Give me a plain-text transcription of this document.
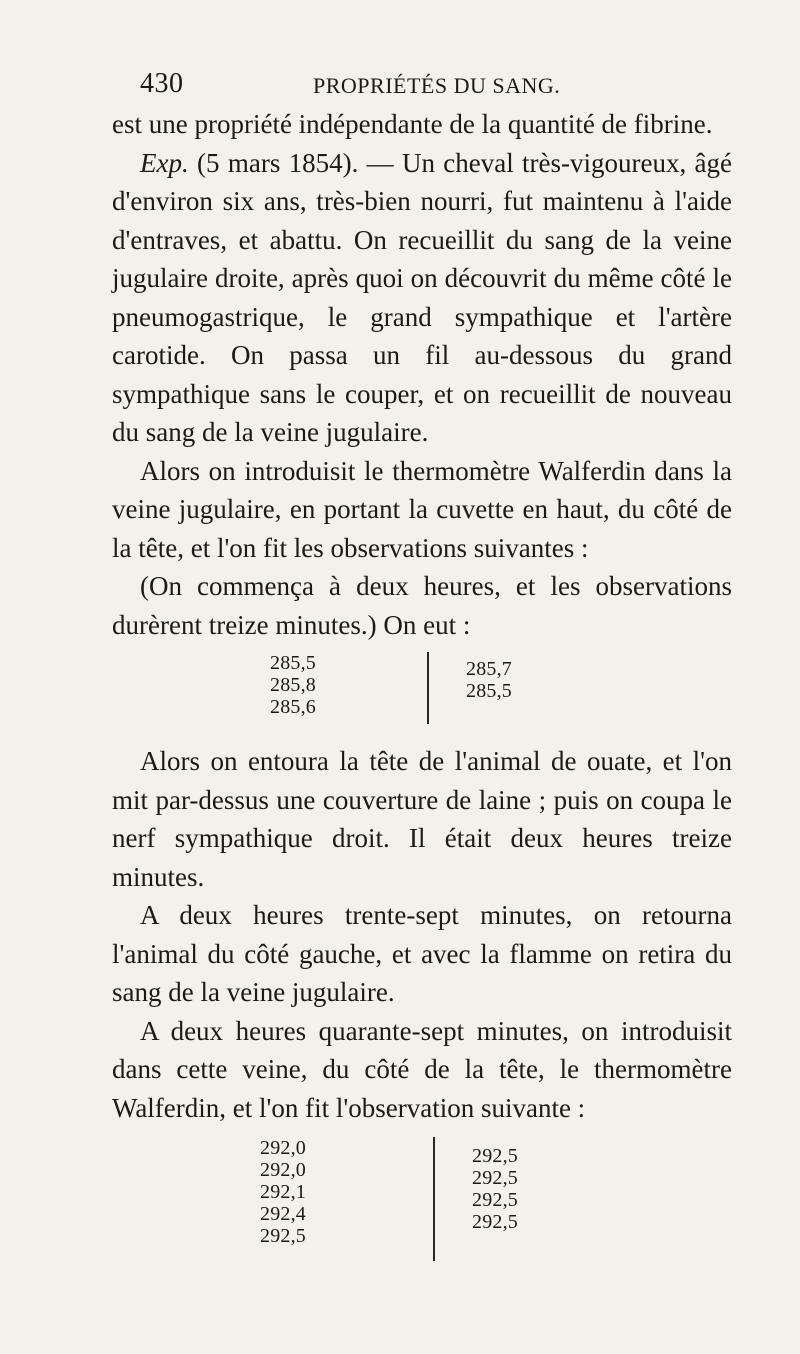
430	PROPRIÉTÉS DU SANG.

est une propriété indépendante de la quantité de fibrine.

Exp. (5 mars 1854). — Un cheval très-vigoureux, âgé d'environ six ans, très-bien nourri, fut maintenu à l'aide d'entraves, et abattu. On recueillit du sang de la veine jugulaire droite, après quoi on découvrit du même côté le pneumogastrique, le grand sympathique et l'artère carotide. On passa un fil au-dessous du grand sympathique sans le couper, et on recueillit de nouveau du sang de la veine jugulaire.

Alors on introduisit le thermomètre Walferdin dans la veine jugulaire, en portant la cuvette en haut, du côté de la tête, et l'on fit les observations suivantes :

(On commença à deux heures, et les observations durèrent treize minutes.) On eut :

285,5
285,8
285,6
285,7
285,5

Alors on entoura la tête de l'animal de ouate, et l'on mit par-dessus une couverture de laine ; puis on coupa le nerf sympathique droit. Il était deux heures treize minutes.

A deux heures trente-sept minutes, on retourna l'animal du côté gauche, et avec la flamme on retira du sang de la veine jugulaire.

A deux heures quarante-sept minutes, on introduisit dans cette veine, du côté de la tête, le thermomètre Walferdin, et l'on fit l'observation suivante :

292,0
292,0
292,1
292,4
292,5
292,5
292,5
292,5
292,5
